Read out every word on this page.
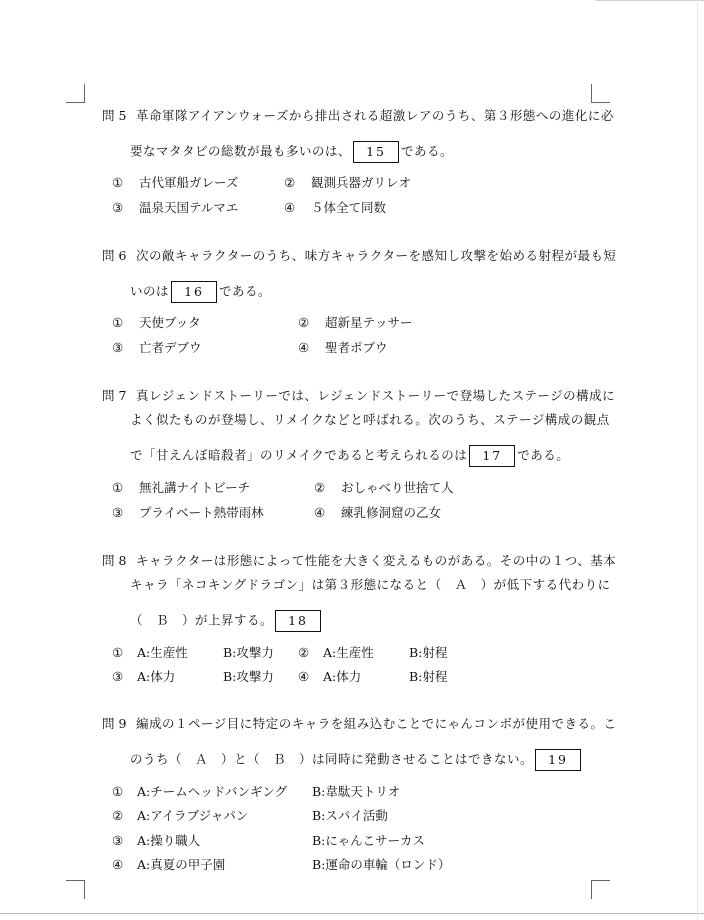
問 5 革命軍隊アイアンウォーズから排出される超激レアのうち、第３形態への進化に必
要なマタタビの総数が最も多いのは、 15 である。
① 古代軍船ガレーズ	② 観測兵器ガリレオ
③ 温泉天国テルマエ	④ ５体全て同数
問 6 次の敵キャラクターのうち、味方キャラクターを感知し攻撃を始める射程が最も短
いのは 16 である。
① 天使ブッタ	② 超新星テッサー
③ 亡者デブウ	④ 聖者ポブウ
問 7 真レジェンドストーリーでは、レジェンドストーリーで登場したステージの構成に
よく似たものが登場し、リメイクなどと呼ばれる。次のうち、ステージ構成の観点
で「甘えんぼ暗殺者」のリメイクであると考えられるのは 17 である。
① 無礼講ナイトビーチ	② おしゃべり世捨て人
③ プライベート熱帯雨林	④ 練乳修洞窟の乙女
問 8 キャラクターは形態によって性能を大きく変えるものがある。その中の１つ、基本
キャラ「ネコキングドラゴン」は第３形態になると（　Ａ　）が低下する代わりに
（　Ｂ　）が上昇する。 18
① A:生産性	B:攻撃力 ② A:生産性	B:射程
③ A:体力	B:攻撃力 ④ A:体力	B:射程
問 9 編成の１ページ目に特定のキャラを組み込むことでにゃんコンボが使用できる。こ
のうち（　Ａ　）と（　Ｂ　）は同時に発動させることはできない。 19
① A:チームヘッドバンギング B:韋駄天トリオ
② A:アイラブジャパン	B:スパイ活動
③ A:操り職人	B:にゃんこサーカス
④ A:真夏の甲子園	B:運命の車輪（ロンド）
